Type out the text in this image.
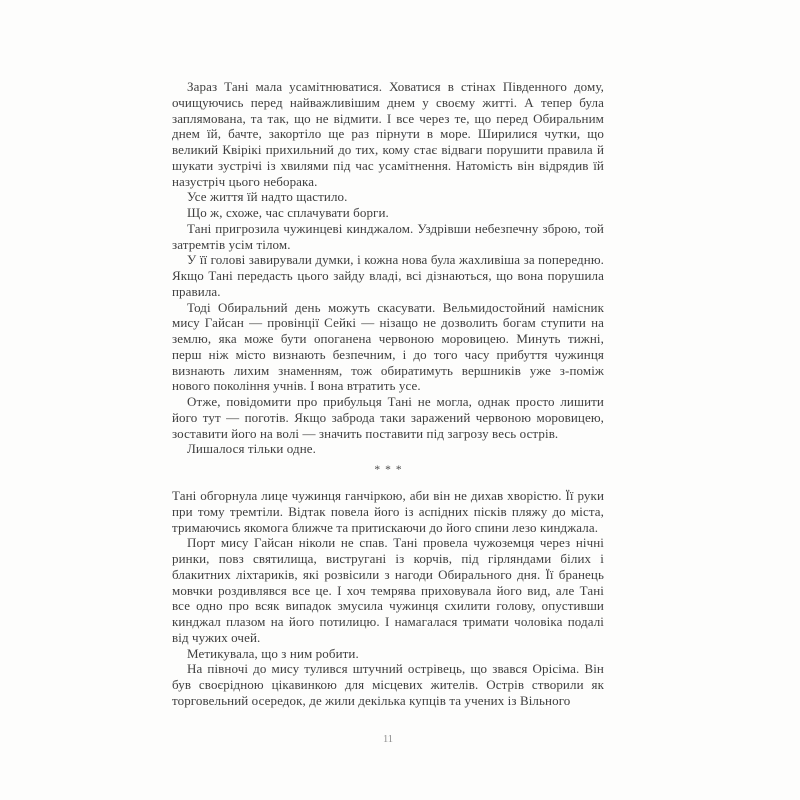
Зараз Тані мала усамітнюватися. Ховатися в стінах Південного дому, очищуючись перед найважливішим днем у своєму житті. А тепер була заплямована, та так, що не відмити. І все через те, що перед Обиральним днем їй, бачте, закортіло ще раз пірнути в море. Ширилися чутки, що великий Квірікі прихильний до тих, кому стає відваги порушити правила й шукати зустрічі із хвилями під час усамітнення. Натомість він відрядив їй назустріч цього неборака.

Усе життя їй надто щастило.

Що ж, схоже, час сплачувати борги.

Тані пригрозила чужинцеві кинджалом. Уздрівши небезпечну зброю, той затремтів усім тілом.

У її голові завирували думки, і кожна нова була жахливіша за попередню. Якщо Тані передасть цього зайду владі, всі дізнаються, що вона порушила правила.

Тоді Обиральний день можуть скасувати. Вельмидостойний намісник мису Гайсан — провінції Сейкі — нізащо не дозволить богам ступити на землю, яка може бути опоганена червоною моровицею. Минуть тижні, перш ніж місто визнають безпечним, і до того часу прибуття чужинця визнають лихим знаменням, тож обиратимуть вершників уже з-поміж нового покоління учнів. І вона втратить усе.

Отже, повідомити про прибульця Тані не могла, однак просто лишити його тут — поготів. Якщо заброда таки заражений червоною моровицею, зоставити його на волі — значить поставити під загрозу весь острів.

Лишалося тільки одне.

***

Тані обгорнула лице чужинця ганчіркою, аби він не дихав хворістю. Її руки при тому тремтіли. Відтак повела його із аспідних пісків пляжу до міста, тримаючись якомога ближче та притискаючи до його спини лезо кинджала.

Порт мису Гайсан ніколи не спав. Тані провела чужоземця через нічні ринки, повз святилища, вистругані із корчів, під гірляндами білих і блакитних ліхтариків, які розвісили з нагоди Обирального дня. Її бранець мовчки роздивлявся все це. І хоч темрява приховувала його вид, але Тані все одно про всяк випадок змусила чужинця схилити голову, опустивши кинджал плазом на його потилицю. І намагалася тримати чоловіка подалі від чужих очей.

Метикувала, що з ним робити.

На півночі до мису тулився штучний острівець, що звався Орісіма. Він був своєрідною цікавинкою для місцевих жителів. Острів створили як торговельний осередок, де жили декілька купців та учених із Вільного

11
